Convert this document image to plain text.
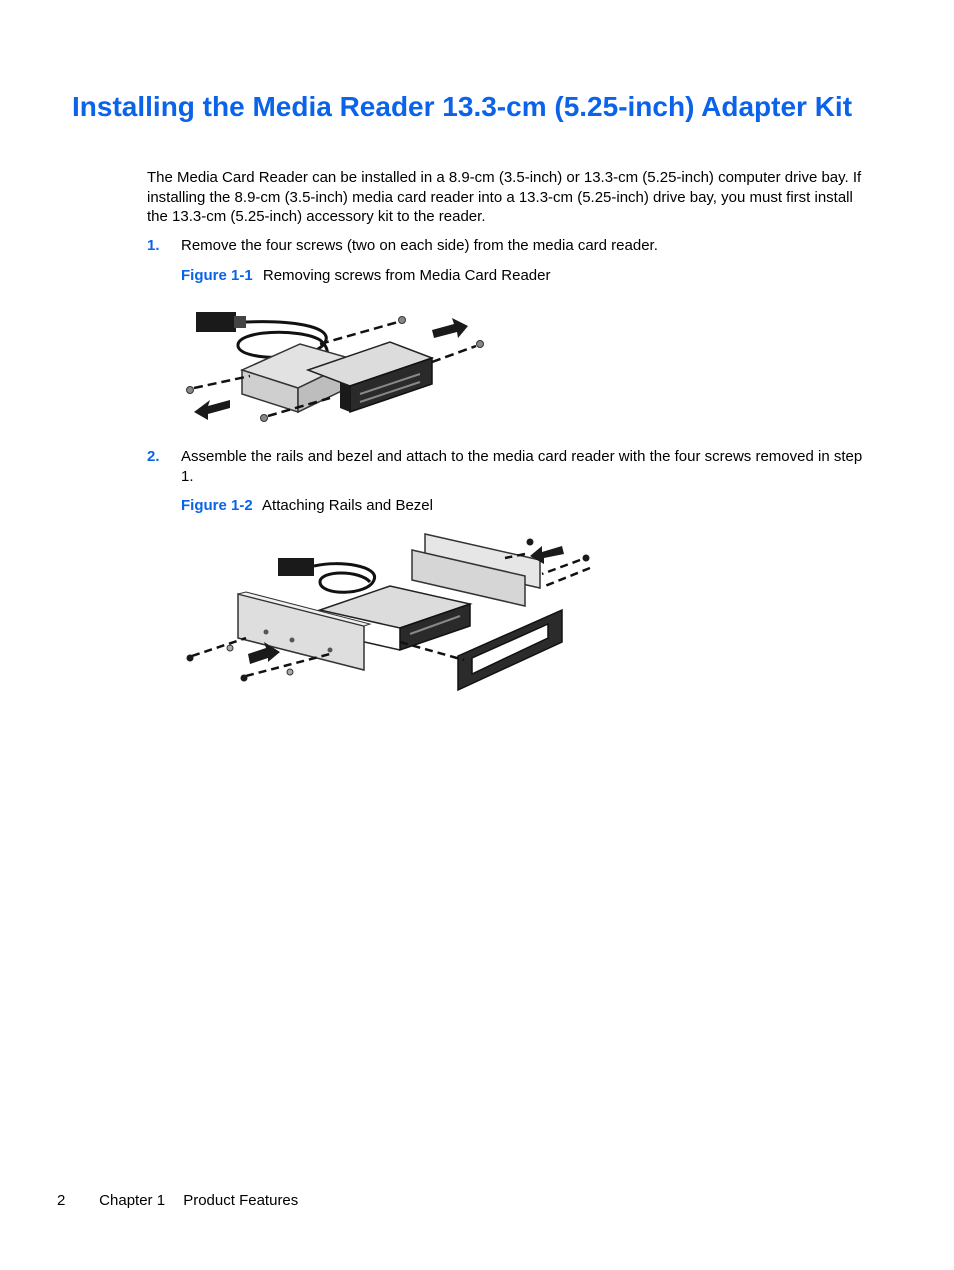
Installing the Media Reader 13.3-cm (5.25-inch) Adapter Kit

The Media Card Reader can be installed in a 8.9-cm (3.5-inch) or 13.3-cm (5.25-inch) computer drive bay. If installing the 8.9-cm (3.5-inch) media card reader into a 13.3-cm (5.25-inch) drive bay, you must first install the 13.3-cm (5.25-inch) accessory kit to the reader.

1. Remove the four screws (two on each side) from the media card reader.
Figure 1-1 Removing screws from Media Card Reader
2. Assemble the rails and bezel and attach to the media card reader with the four screws removed in step 1.
Figure 1-2 Attaching Rails and Bezel
2 Chapter 1 Product Features
